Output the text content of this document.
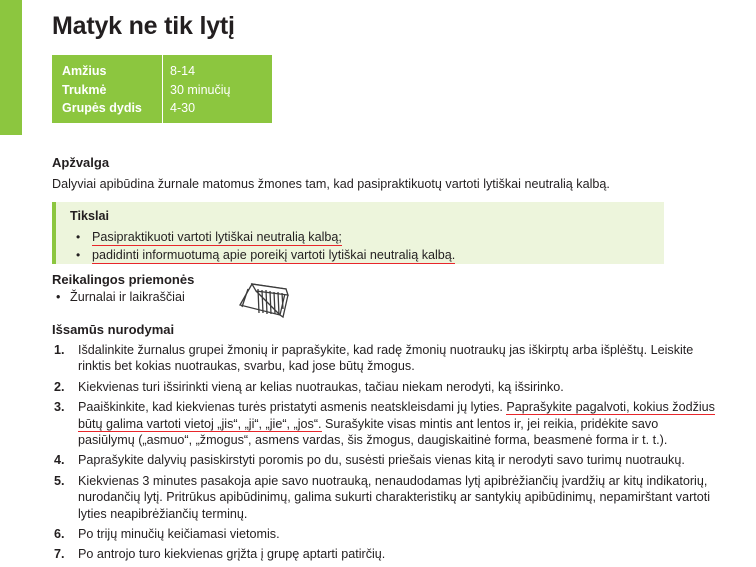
Matyk ne tik lytį
Amžius
Trukmė
Grupės dydis
8-14
30 minučių
4-30
Apžvalga
Dalyviai apibūdina žurnale matomus žmones tam, kad pasipraktikuotų vartoti lytiškai neutralią kalbą.
Tikslai
• Pasipraktikuoti vartoti lytiškai neutralią kalbą;
• padidinti informuotumą apie poreikį vartoti lytiškai neutralią kalbą.
Reikalingos priemonės
• Žurnalai ir laikraščiai
Išsamūs nurodymai
1. Išdalinkite žurnalus grupei žmonių ir paprašykite, kad radę žmonių nuotraukų jas iškirptų arba išplėštų. Leiskite rinktis bet kokias nuotraukas, svarbu, kad jose būtų žmogus.
2. Kiekvienas turi išsirinkti vieną ar kelias nuotraukas, tačiau niekam nerodyti, ką išsirinko.
3. Paaiškinkite, kad kiekvienas turės pristatyti asmenis neatskleisdami jų lyties. Paprašykite pagalvoti, kokius žodžius būtų galima vartoti vietoj „jis“, „ji“, „jie“, „jos“. Surašykite visas mintis ant lentos ir, jei reikia, pridėkite savo pasiūlymų („asmuo“, „žmogus“, asmens vardas, šis žmogus, daugiskaitinė forma, beasmenė forma ir t. t.).
4. Paprašykite dalyvių pasiskirstyti poromis po du, susėsti priešais vienas kitą ir nerodyti savo turimų nuotraukų.
5. Kiekvienas 3 minutes pasakoja apie savo nuotrauką, nenaudodamas lytį apibrėžiančių įvardžių ar kitų indikatorių, nurodančių lytį. Pritrūkus apibūdinimų, galima sukurti charakteristikų ar santykių apibūdinimų, nepamirštant vartoti lyties neapibrėžiančių terminų.
6. Po trijų minučių keičiamasi vietomis.
7. Po antrojo turo kiekvienas grįžta į grupę aptarti patirčių.
